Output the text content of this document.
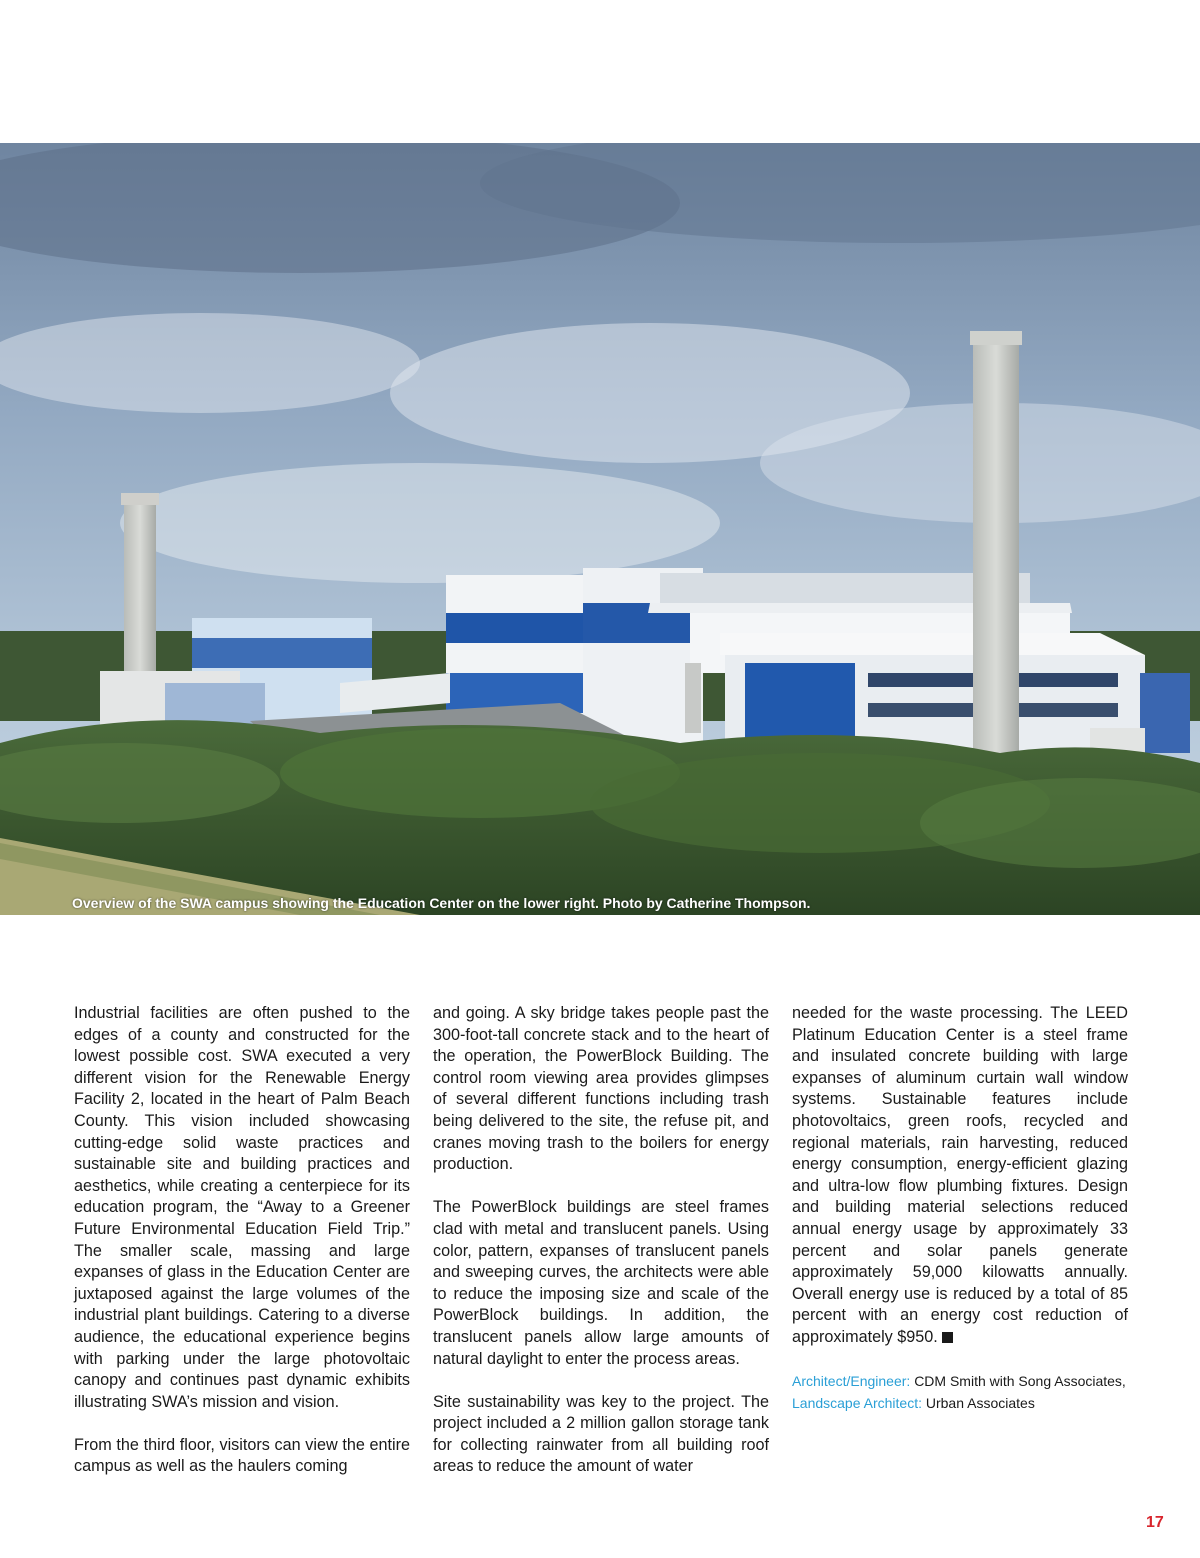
Overview of the SWA campus showing the Education Center on the lower right. Photo by Catherine Thompson.

Industrial facilities are often pushed to the edges of a county and constructed for the lowest possible cost. SWA executed a very different vision for the Renewable Energy Facility 2, located in the heart of Palm Beach County. This vision included showcasing cutting-edge solid waste practices and sustainable site and building practices and aesthetics, while creating a centerpiece for its education program, the “Away to a Greener Future Environmental Education Field Trip.” The smaller scale, massing and large expanses of glass in the Education Center are juxtaposed against the large volumes of the industrial plant buildings. Catering to a diverse audience, the educational experience begins with parking under the large photovoltaic canopy and continues past dynamic exhibits illustrating SWA’s mission and vision.

From the third floor, visitors can view the entire campus as well as the haulers coming

and going. A sky bridge takes people past the 300-foot-tall concrete stack and to the heart of the operation, the PowerBlock Building. The control room viewing area provides glimpses of several different functions including trash being delivered to the site, the refuse pit, and cranes moving trash to the boilers for energy production.

The PowerBlock buildings are steel frames clad with metal and translucent panels. Using color, pattern, expanses of translucent panels and sweeping curves, the architects were able to reduce the imposing size and scale of the PowerBlock buildings. In addition, the translucent panels allow large amounts of natural daylight to enter the process areas.

Site sustainability was key to the project. The project included a 2 million gallon storage tank for collecting rainwater from all building roof areas to reduce the amount of water

needed for the waste processing. The LEED Platinum Education Center is a steel frame and insulated concrete building with large expanses of aluminum curtain wall window systems. Sustainable features include photovoltaics, green roofs, recycled and regional materials, rain harvesting, reduced energy consumption, energy-efficient glazing and ultra-low flow plumbing fixtures. Design and building material selections reduced annual energy usage by approximately 33 percent and solar panels generate approximately 59,000 kilowatts annually. Overall energy use is reduced by a total of 85 percent with an energy cost reduction of approximately $950.

Architect/Engineer: CDM Smith with Song Associates, Landscape Architect: Urban Associates

17
